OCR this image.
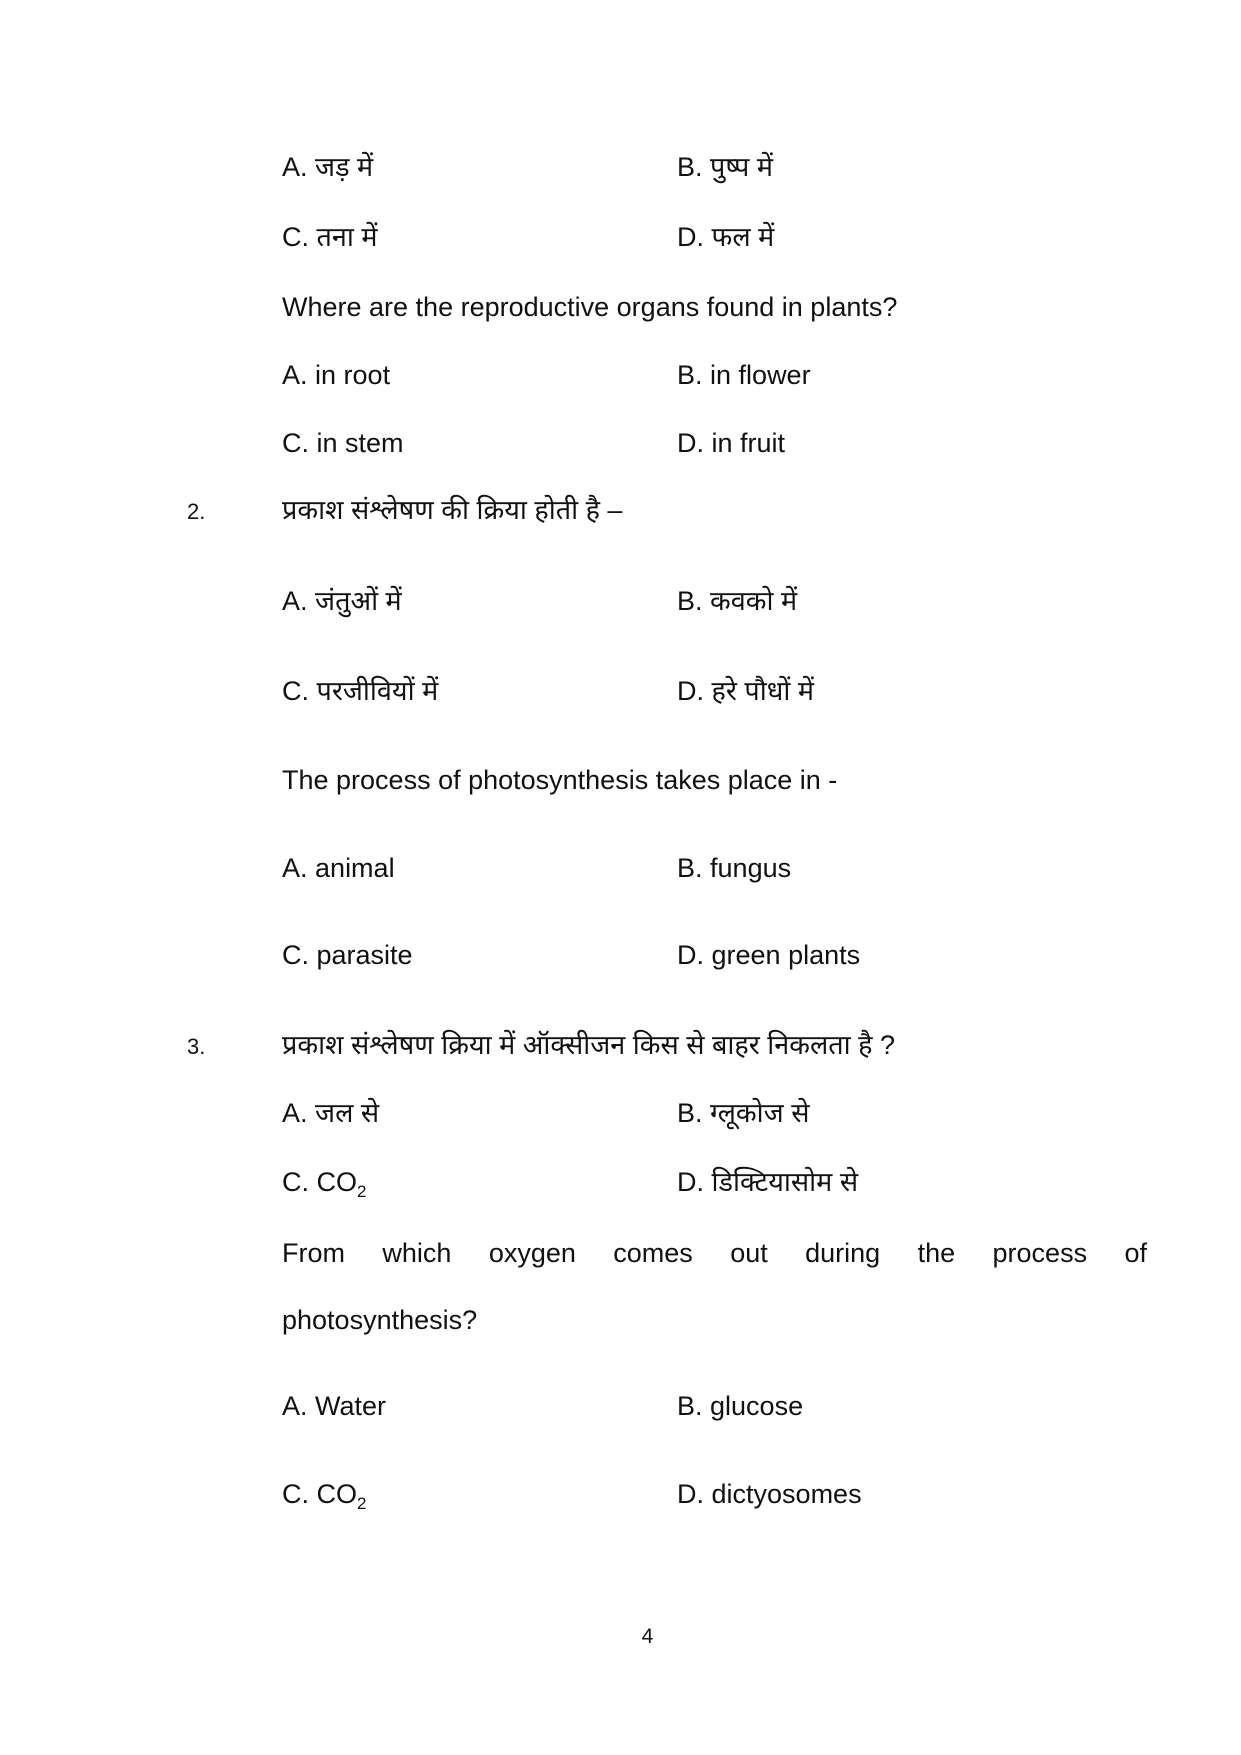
A. जड़ में	B. पुष्प में
C. तना में	D. फल में
Where are the reproductive organs found in plants?
A. in root	B. in flower
C. in stem	D. in fruit
2.	प्रकाश संश्लेषण की क्रिया होती है –
A. जंतुओं में	B. कवको में
C. परजीवियों में	D. हरे पौधों में
The process of photosynthesis takes place in -
A. animal	B. fungus
C. parasite	D. green plants
3.	प्रकाश संश्लेषण क्रिया में ऑक्सीजन किस से बाहर निकलता है ?
A. जल से	B. ग्लूकोज से
C. $CO_2$	D. डिक्टियासोम से
From which oxygen comes out during the process of
photosynthesis?
A. Water	B. glucose
C. $CO_2$	D. dictyosomes
4
